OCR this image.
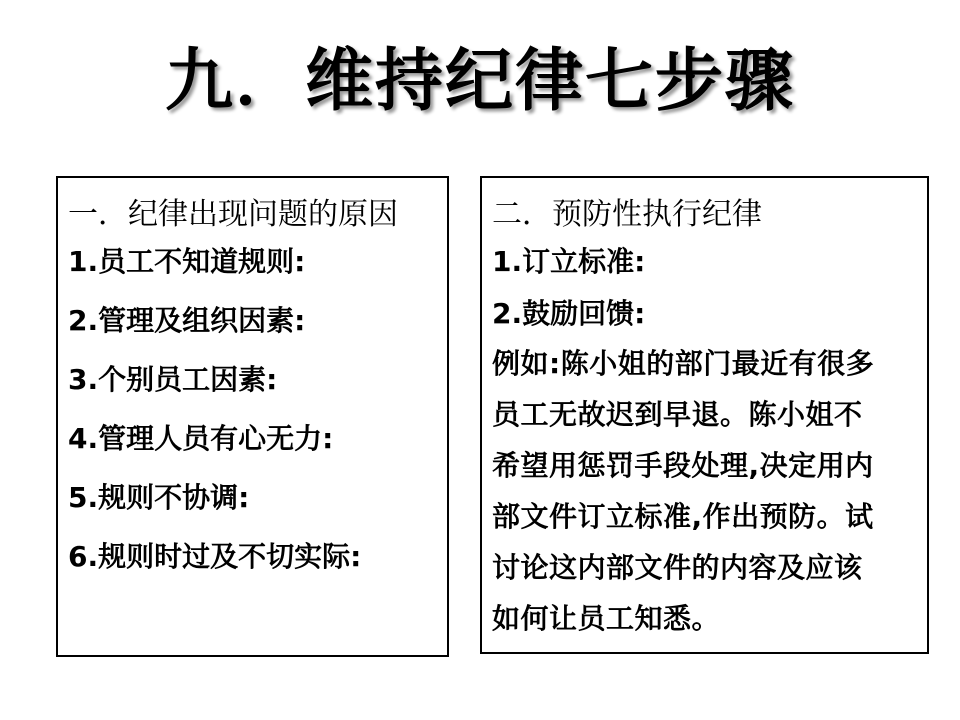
九．维持纪律七步骤
一．纪律出现问题的原因
1.员工不知道规则:
2.管理及组织因素:
3.个别员工因素:
4.管理人员有心无力:
5.规则不协调:
6.规则时过及不切实际:
二．预防性执行纪律
1.订立标准:
2.鼓励回馈:
例如:陈小姐的部门最近有很多
员工无故迟到早退。陈小姐不
希望用惩罚手段处理,决定用内
部文件订立标准,作出预防。试
讨论这内部文件的内容及应该
如何让员工知悉。
